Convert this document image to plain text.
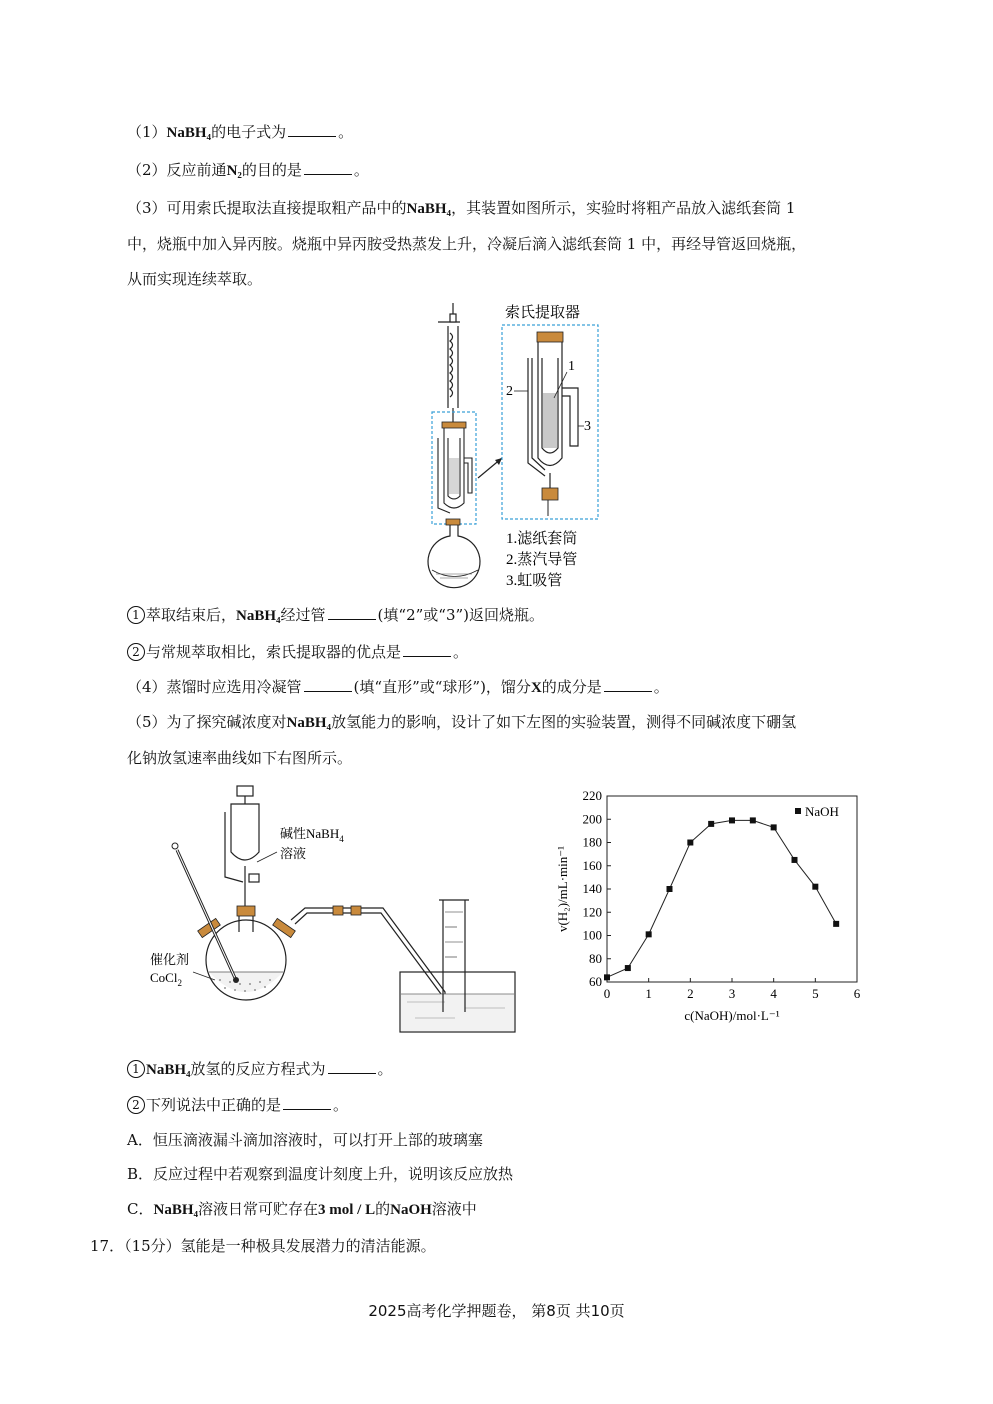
（1）NaBH₄的电子式为	。
（2）反应前通N₂的目的是	。
（3）可用索氏提取法直接提取粗产品中的NaBH₄，其装置如图所示，实验时将粗产品放入滤纸套筒 1
中，烧瓶中加入异丙胺。烧瓶中异丙胺受热蒸发上升，冷凝后滴入滤纸套筒 1 中，再经导管返回烧瓶，
从而实现连续萃取。
索氏提取器
1
2
3
1.滤纸套筒
2.蒸汽导管
3.虹吸管
1 萃取结束后，NaBH₄经过管	(填“2”或“3”)返回烧瓶。
2 与常规萃取相比，索氏提取器的优点是	。
（4）蒸馏时应选用冷凝管	(填“直形”或“球形”)，馏分X的成分是	。
（5）为了探究碱浓度对NaBH₄放氢能力的影响，设计了如下左图的实验装置，测得不同碱浓度下硼氢
化钠放氢速率曲线如下右图所示。
碱性NaBH$_4$
溶液
催化剂
CoCl$_2$
0	1	2	3	4	5	6
60
80
100
120
140
160
180
200
220
NaOH
c(NaOH)/mol·L⁻¹
v(H₂)/mL·min⁻¹
1 NaBH₄放氢的反应方程式为	。
2 下列说法中正确的是	。
A．恒压滴液漏斗滴加溶液时，可以打开上部的玻璃塞
B．反应过程中若观察到温度计刻度上升，说明该反应放热
C．NaBH₄溶液日常可贮存在3 mol / L的NaOH溶液中
17．（15分）氢能是一种极具发展潜力的清洁能源。
2025高考化学押题卷， 第8页 共10页
